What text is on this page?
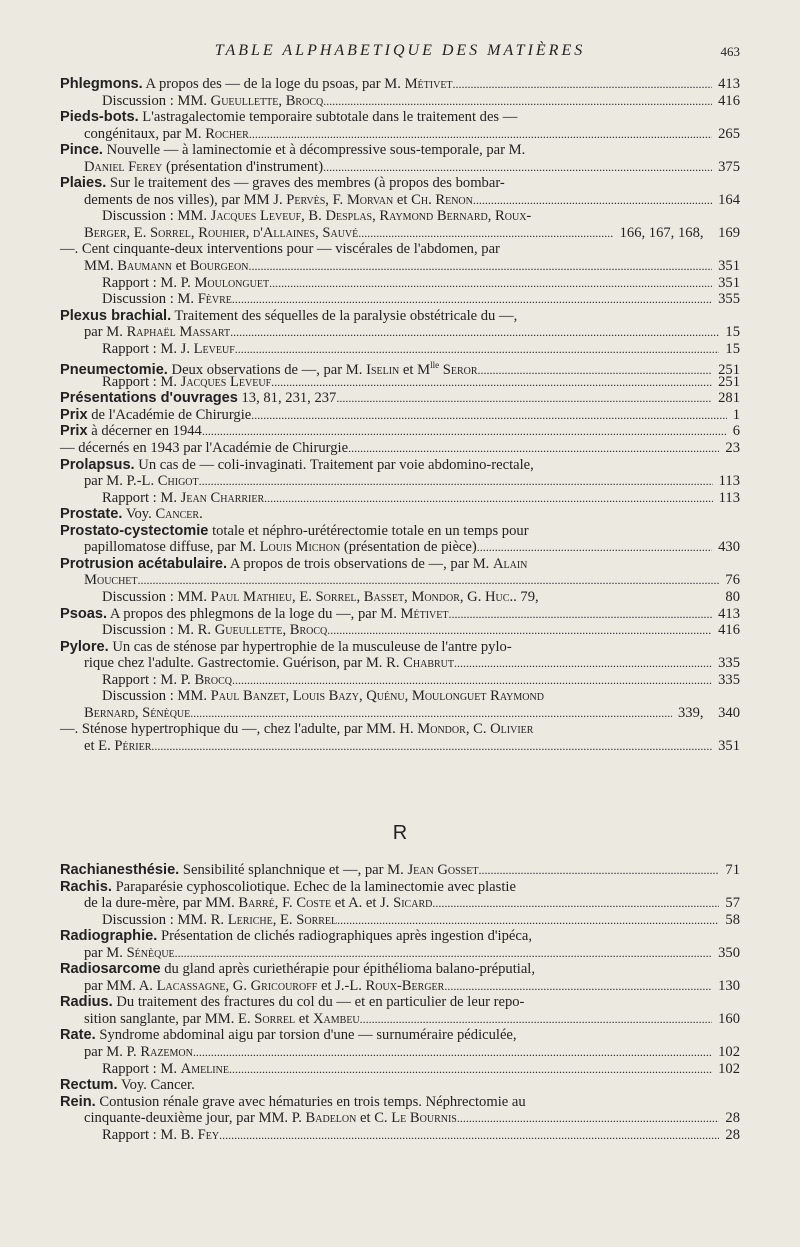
TABLE ALPHABETIQUE DES MATIÈRES	463
Phlegmons. A propos des — de la loge du psoas, par M. Métivet . . .	413
Discussion : MM. Gueullette, Brocq . . .	416
Pieds-bots. L'astragalectomie temporaire subtotale dans le traitement des —
congénitaux, par M. Rocher . . .	265
Pince. Nouvelle — à laminectomie et à décompressive sous-temporale, par M.
Daniel Ferey (présentation d'instrument) . . .	375
Plaies. Sur le traitement des — graves des membres (à propos des bombar-
dements de nos villes), par MM J. Pervès, F. Morvan et Ch. Renon . . .	164
Discussion : MM. Jacques Leveuf, B. Desplas, Raymond Bernard, Roux-
Berger, E. Sorrel, Rouhier, d'Allaines, Sauvé . . .	166, 167, 168, 169
—. Cent cinquante-deux interventions pour — viscérales de l'abdomen, par
MM. Baumann et Bourgeon . . .	351
Rapport : M. P. Moulonguet . . .	351
Discussion : M. Fèvre . . .	355
Plexus brachial. Traitement des séquelles de la paralysie obstétricale du —,
par M. Raphaël Massart . . .	15
Rapport : M. J. Leveuf . . .	15
Pneumectomie. Deux observations de —, par M. Iselin et $M^{lle}$ Seror . . .	251
Rapport : M. Jacques Leveuf . . .	251
Présentations d'ouvrages 13, 81, 231, 237 . . .	281
Prix de l'Académie de Chirurgie . . .	1
Prix à décerner en 1944 . . .	6
— décernés en 1943 par l'Académie de Chirurgie . . .	23
Prolapsus. Un cas de — coli-invaginati. Traitement par voie abdomino-rectale,
par M. P.-L. Chigot . . .	113
Rapport : M. Jean Charrier . . .	113
Prostate. Voy. Cancer.
Prostato-cystectomie totale et néphro-urétérectomie totale en un temps pour
papillomatose diffuse, par M. Louis Michon (présentation de pièce) . . .	430
Protrusion acétabulaire. A propos de trois observations de —, par M. Alain
Mouchet . . .	76
Discussion : MM. Paul Mathieu, E. Sorrel, Basset, Mondor, G. Huc.. 79,	80
Psoas. A propos des phlegmons de la loge du —, par M. Métivet . . .	413
Discussion : M. R. Gueullette, Brocq . . .	416
Pylore. Un cas de sténose par hypertrophie de la musculeuse de l'antre pylo-
rique chez l'adulte. Gastrectomie. Guérison, par M. R. Chabrut . . .	335
Rapport : M. P. Brocq . . .	335
Discussion : MM. Paul Banzet, Louis Bazy, Quénu, Moulonguet Raymond
Bernard, Sénèque . . .	339, 340
—. Sténose hypertrophique du —, chez l'adulte, par MM. H. Mondor, C. Olivier
et E. Périer . . .	351
R
Rachianesthésie. Sensibilité splanchnique et —, par M. Jean Gosset . . .	71
Rachis. Paraparésie cyphoscoliotique. Echec de la laminectomie avec plastie
de la dure-mère, par MM. Barré, F. Coste et A. et J. Sicard . . .	57
Discussion : MM. R. Leriche, E. Sorrel . . .	58
Radiographie. Présentation de clichés radiographiques après ingestion d'ipéca,
par M. Sénèque . . .	350
Radiosarcome du gland après curiethérapie pour épithélioma balano-préputial,
par MM. A. Lacassagne, G. Gricouroff et J.-L. Roux-Berger . . .	130
Radius. Du traitement des fractures du col du — et en particulier de leur repo-
sition sanglante, par MM. E. Sorrel et Xambeu . . .	160
Rate. Syndrome abdominal aigu par torsion d'une — surnuméraire pédiculée,
par M. P. Razemon . . .	102
Rapport : M. Ameline . . .	102
Rectum. Voy. Cancer.
Rein. Contusion rénale grave avec hématuries en trois temps. Néphrectomie au
cinquante-deuxième jour, par MM. P. Badelon et C. Le Bournis . . .	28
Rapport : M. B. Fey . . .	28
